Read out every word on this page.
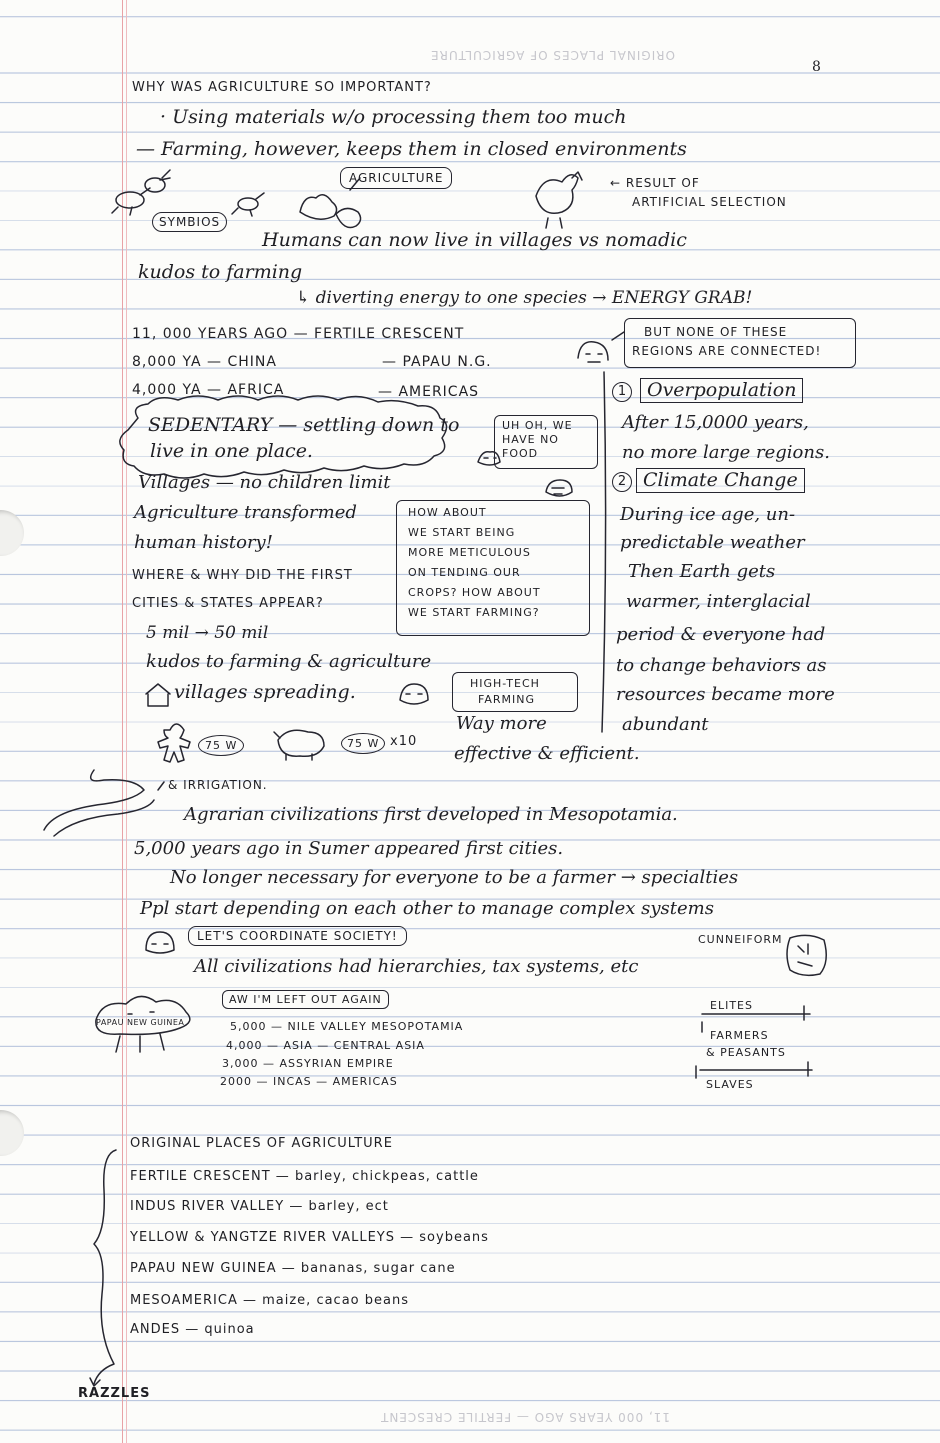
ORIGINAL PLACES OF AGRICULTURE
11, 000 YEARS AGO — FERTILE CRESCENT
8
WHY WAS AGRICULTURE SO IMPORTANT?
· Using materials w/o processing them too much
— Farming, however, keeps them in closed environments
SYMBIOS
AGRICULTURE	← RESULT OF
ARTIFICIAL SELECTION
Humans can now live in villages vs nomadic
kudos to farming
↳ diverting energy to one species → ENERGY GRAB!
11, 000 YEARS AGO — FERTILE CRESCENT
8,000 YA — CHINA	— PAPAU N.G.
4,000 YA — AFRICA	— AMERICAS
BUT NONE OF THESE
REGIONS ARE CONNECTED!
SEDENTARY — settling down to
live in one place.
UH OH, WE
HAVE NO
FOOD
Villages — no children limit
Agriculture transformed
human history!
WHERE & WHY DID THE FIRST
CITIES & STATES APPEAR?
5 mil → 50 mil
kudos to farming & agriculture
villages spreading.	HIGH-TECH
FARMING
Way more
effective & efficient.
75 W	75 W x10
HOW ABOUT
WE START BEING
MORE METICULOUS
ON TENDING OUR
CROPS? HOW ABOUT
WE START FARMING?
1	Overpopulation
After 15,0000 years,
no more large regions.
2 Climate Change
During ice age, un-
predictable weather
Then Earth gets
warmer, interglacial
period & everyone had
to change behaviors as
resources became more
abundant
& IRRIGATION.
Agrarian civilizations first developed in Mesopotamia.
5,000 years ago in Sumer appeared first cities.
No longer necessary for everyone to be a farmer → specialties
Ppl start depending on each other to manage complex systems
LET'S COORDINATE SOCIETY!	CUNNEIFORM
All civilizations had hierarchies, tax systems, etc
AW I'M LEFT OUT AGAIN
PAPAU NEW GUINEA	5,000 — NILE VALLEY MESOPOTAMIA
4,000 — ASIA — CENTRAL ASIA
3,000 — ASSYRIAN EMPIRE
2000 — INCAS — AMERICAS
ELITES
FARMERS
& PEASANTS
SLAVES
ORIGINAL PLACES OF AGRICULTURE
FERTILE CRESCENT — barley, chickpeas, cattle
INDUS RIVER VALLEY — barley, ect
YELLOW & YANGTZE RIVER VALLEYS — soybeans
PAPAU NEW GUINEA — bananas, sugar cane
MESOAMERICA — maize, cacao beans
ANDES — quinoa
RAZZLES
